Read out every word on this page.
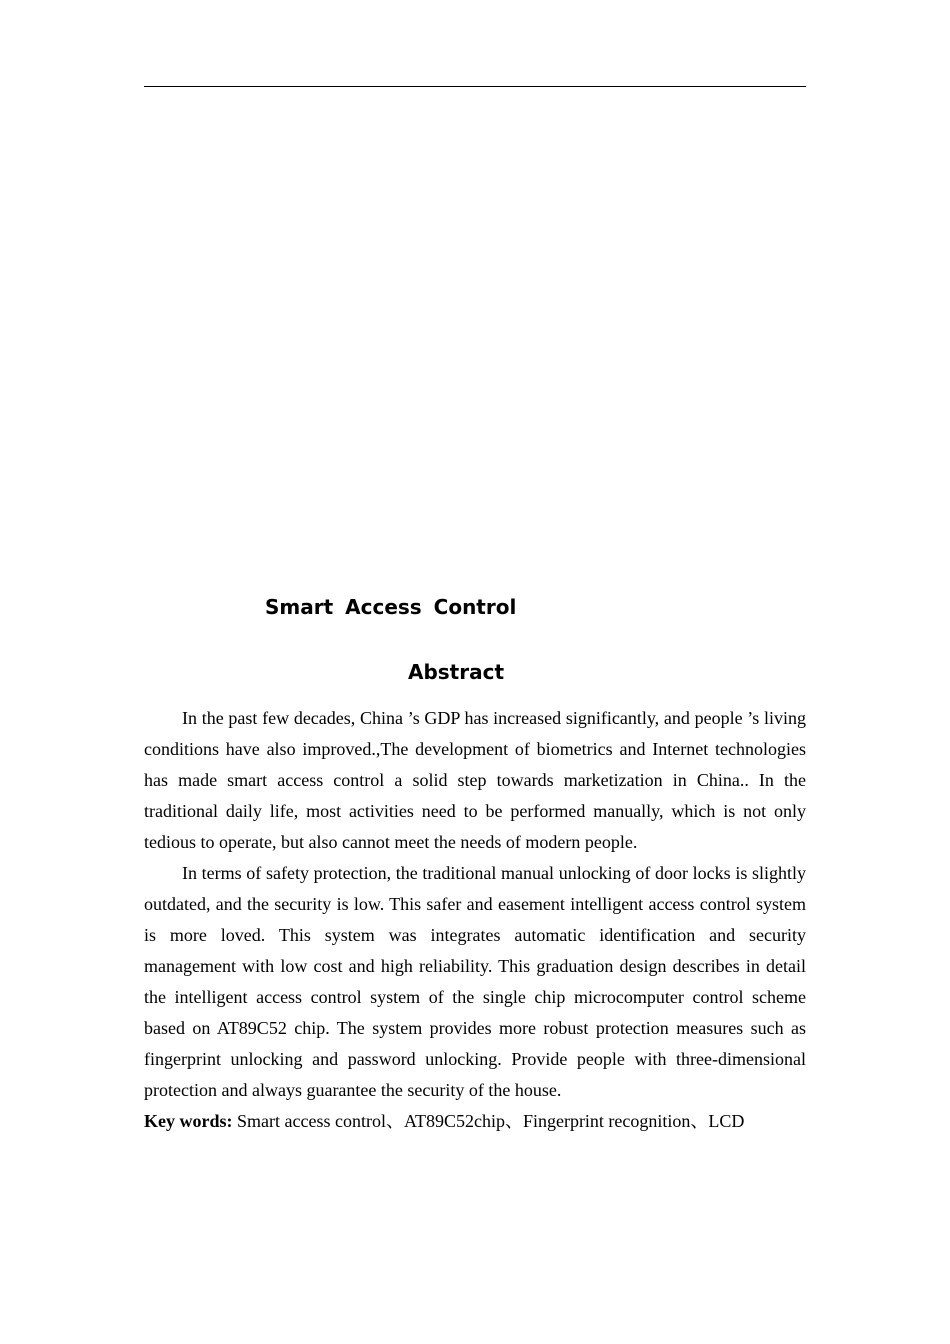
Smart Access Control
Abstract

In the past few decades, China ’s GDP has increased significantly, and people ’s living conditions have also improved.,The development of biometrics and Internet technologies has made smart access control a solid step towards marketization in China.. In the traditional daily life, most activities need to be performed manually, which is not only tedious to operate, but also cannot meet the needs of modern people.

In terms of safety protection, the traditional manual unlocking of door locks is slightly outdated, and the security is low. This safer and easement intelligent access control system is more loved. This system was integrates automatic identification and security management with low cost and high reliability. This graduation design describes in detail the intelligent access control system of the single chip microcomputer control scheme based on AT89C52 chip. The system provides more robust protection measures such as fingerprint unlocking and password unlocking. Provide people with three-dimensional protection and always guarantee the security of the house.

Key words: Smart access control、AT89C52chip、Fingerprint recognition、LCD
